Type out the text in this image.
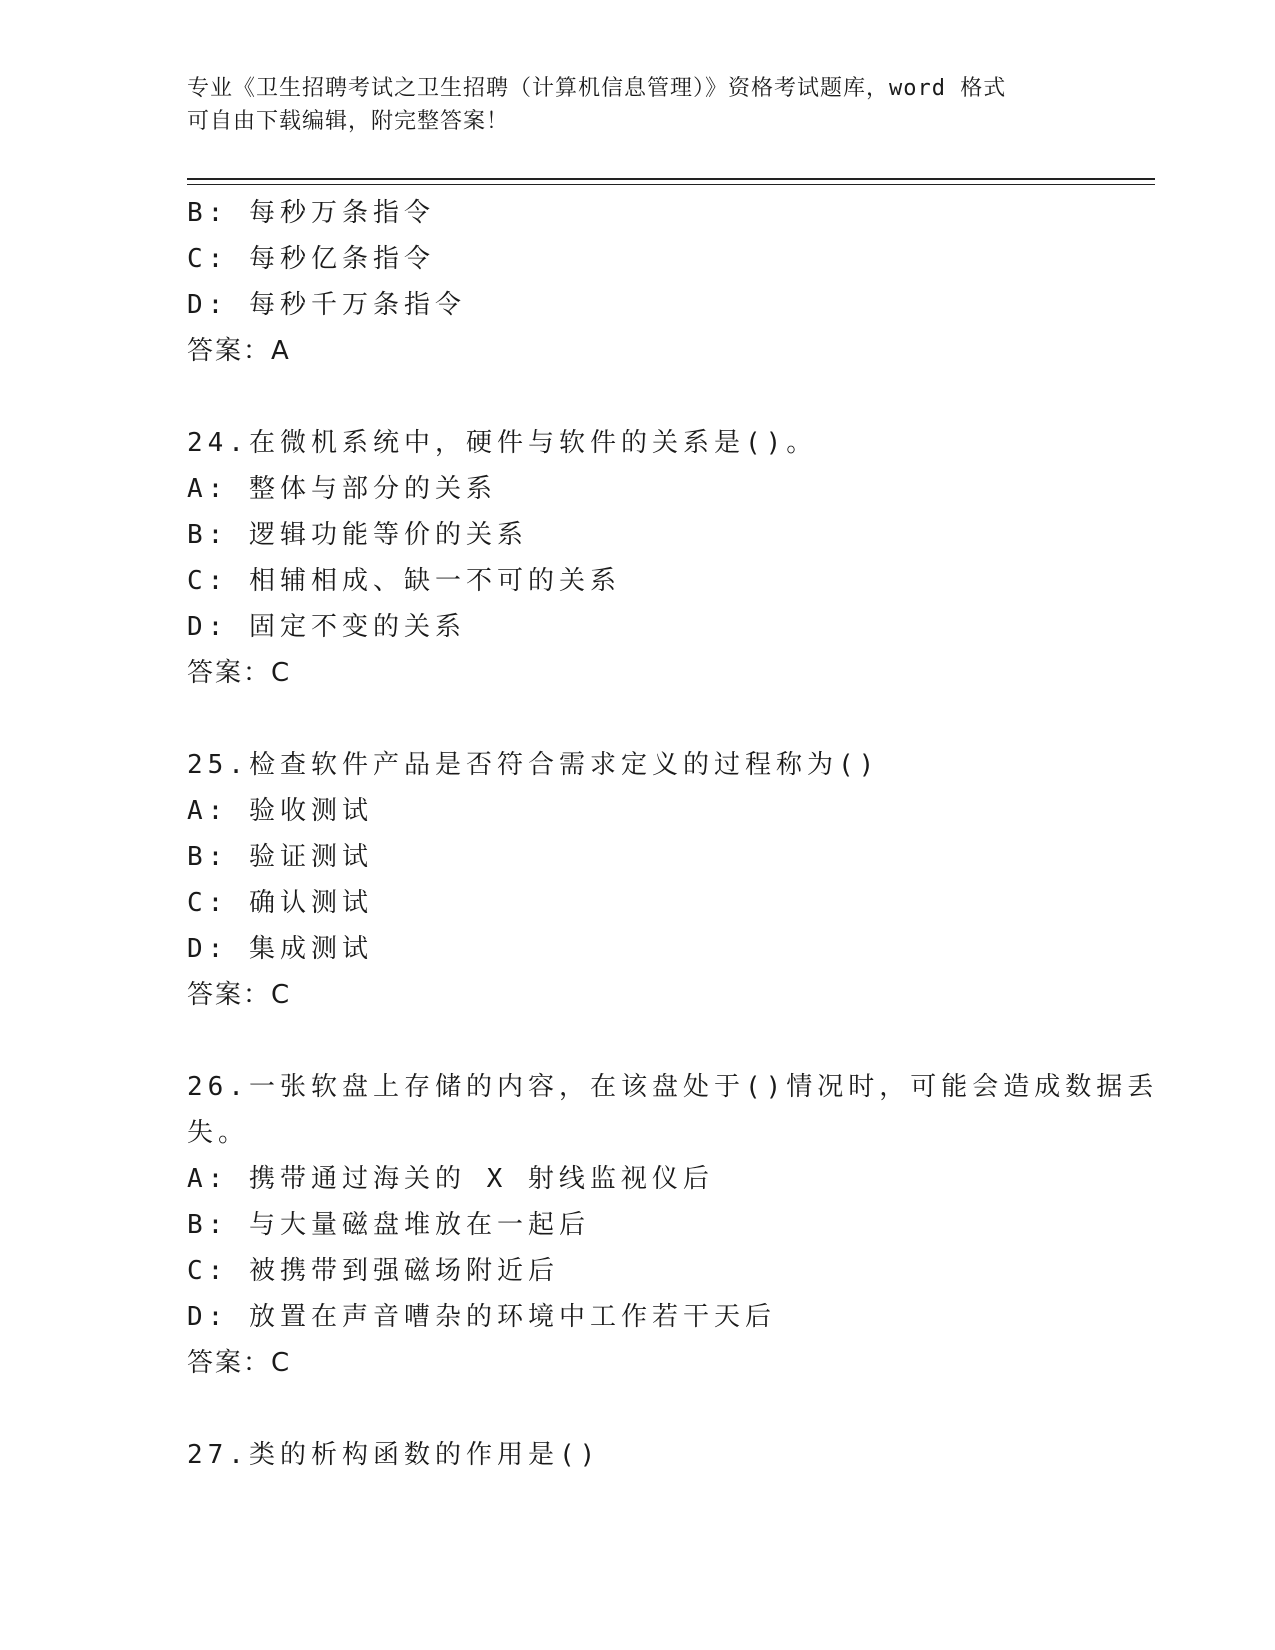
专业《卫生招聘考试之卫生招聘（计算机信息管理）》资格考试题库，word 格式
可自由下载编辑，附完整答案！
B: 每秒万条指令
C: 每秒亿条指令
D: 每秒千万条指令
答案：A
24.在微机系统中，硬件与软件的关系是()。
A: 整体与部分的关系
B: 逻辑功能等价的关系
C: 相辅相成、缺一不可的关系
D: 固定不变的关系
答案：C
25.检查软件产品是否符合需求定义的过程称为()
A: 验收测试
B: 验证测试
C: 确认测试
D: 集成测试
答案：C
26.一张软盘上存储的内容，在该盘处于()情况时，可能会造成数据丢
失。
A: 携带通过海关的 X 射线监视仪后
B: 与大量磁盘堆放在一起后
C: 被携带到强磁场附近后
D: 放置在声音嘈杂的环境中工作若干天后
答案：C
27.类的析构函数的作用是()
